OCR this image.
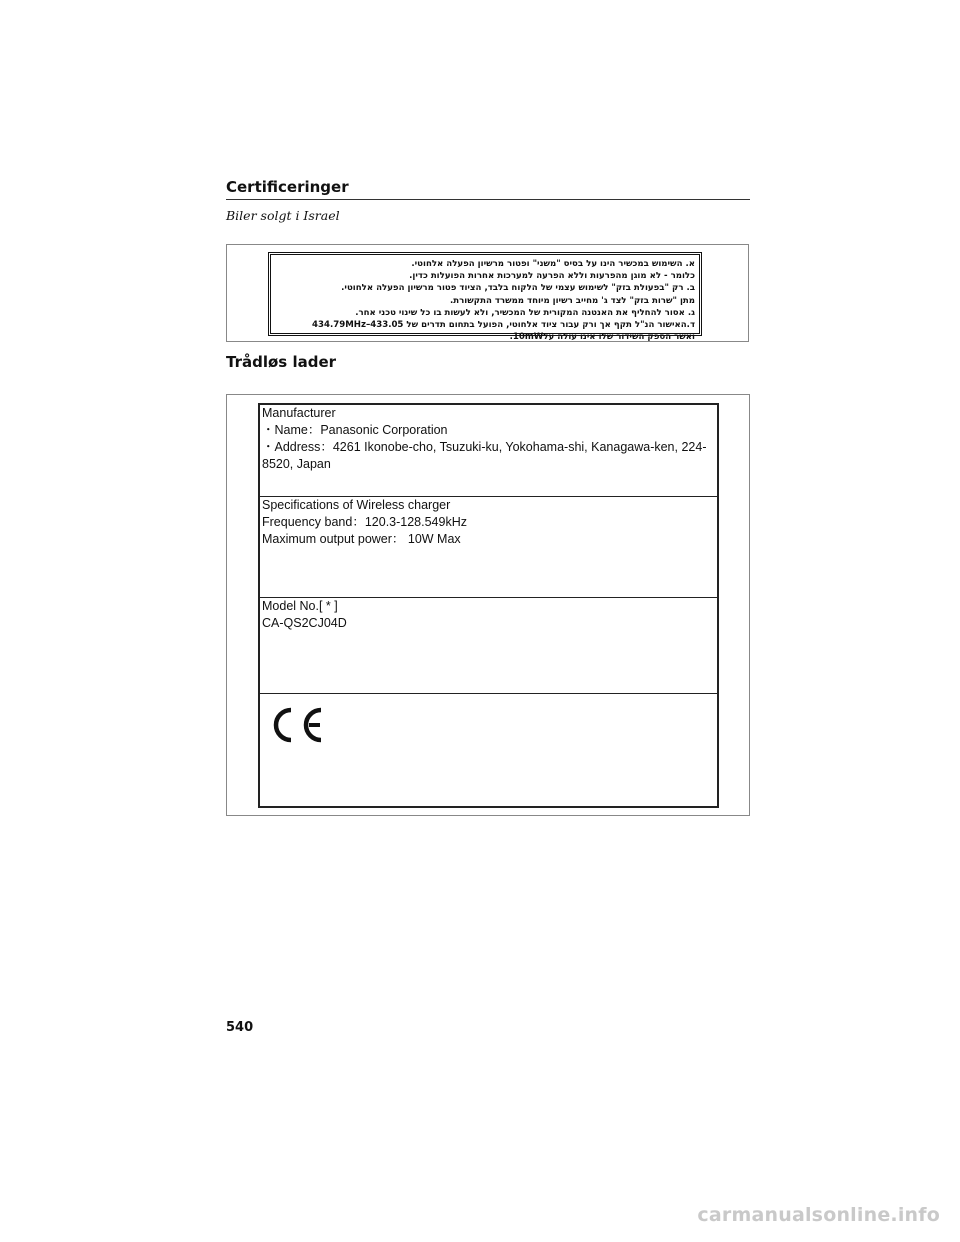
Certificeringer
Biler solgt i Israel
א. השימוש במכשיר הינו על בסיס "משני" ופטור מרשיון הפעלה אלחוטי.
כלומר - לא מוגן מהפרעות וללא הפרעה למערכות אחרות הפועלות כדין.
ב. רק "בפעולת בזק" לשימוש עצמי של הלקוח בלבד, הציוד פטור מרשיון הפעלה אלחוטי.
מתן "שרות בזק" לצד ג' מחייב רשיון מיוחד ממשרד התקשורת.
ג. אסור להחליף את האנטנה המקורית של המכשיר, ולא לעשות בו כל שינוי טכני אחר.
ד.האישור הנ"ל תקף אך ורק עבור ציוד אלחוטי, הפועל בתחום תדרים של 433.05–434.79MHz
ואשר הספק השידור שלו אינו עולה על10mW.
Trådløs lader
Manufacturer
・Name：Panasonic Corporation
・Address：4261 Ikonobe-cho, Tsuzuki-ku, Yokohama-shi, Kanagawa-ken, 224-
8520, Japan
Specifications of Wireless charger
Frequency band：120.3-128.549kHz
Maximum output power： 10W Max
Model No.[ * ]
CA-QS2CJ04D
540
carmanualsonline.info
